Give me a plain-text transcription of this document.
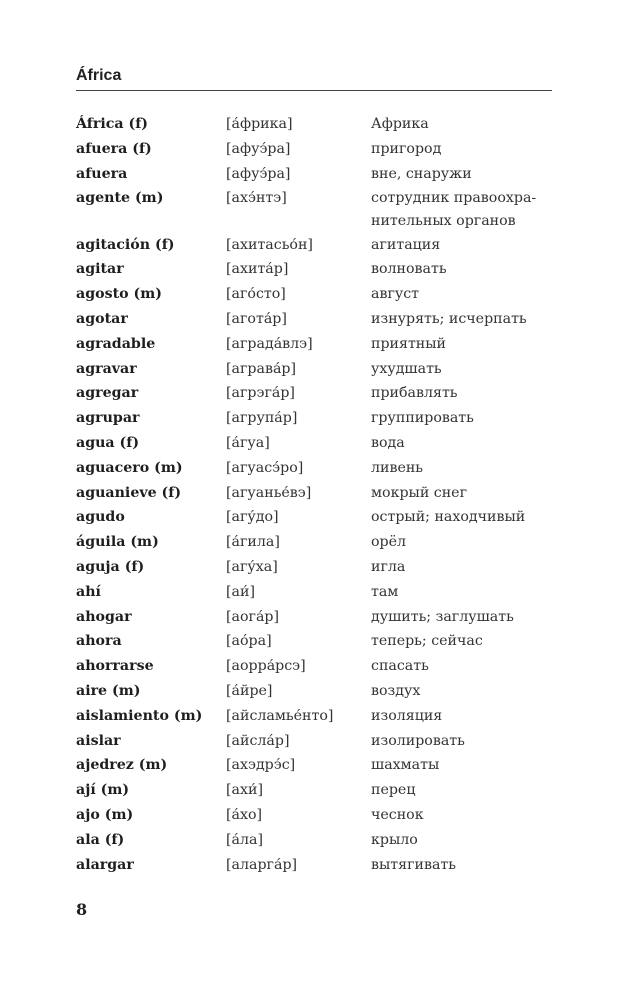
África
África (f)	[а́фрика]	Африка
afuera (f)	[афуэ́ра]	пригород
afuera	[афуэ́ра]	вне, снаружи
agente (m)	[ахэ́нтэ]	сотрудник правоохра-
нительных органов
agitación (f)	[ахитасьо́н]	агитация
agitar	[ахита́р]	волновать
agosto (m)	[аго́сто]	август
agotar	[агота́р]	изнурять; исчерпать
agradable	[аграда́влэ]	приятный
agravar	[аграва́р]	ухудшать
agregar	[агрэга́р]	прибавлять
agrupar	[агрупа́р]	группировать
agua (f)	[а́гуа]	вода
aguacero (m)	[агуасэ́ро]	ливень
aguanieve (f)	[агуанье́вэ]	мокрый снег
agudo	[агу́до]	острый; находчивый
águila (m)	[а́гила]	орёл
aguja (f)	[агу́ха]	игла
ahí	[аи́]	там
ahogar	[аога́р]	душить; заглушать
ahora	[ао́ра]	теперь; сейчас
ahorrarse	[аорра́рсэ]	спасать
aire (m)	[а́йре]	воздух
aislamiento (m)	[айсламье́нто]	изоляция
aislar	[айсла́р]	изолировать
ajedrez (m)	[ахэдрэ́с]	шахматы
ají (m)	[ахи́]	перец
ajo (m)	[а́хо]	чеснок
ala (f)	[а́ла]	крыло
alargar	[аларга́р]	вытягивать
8
